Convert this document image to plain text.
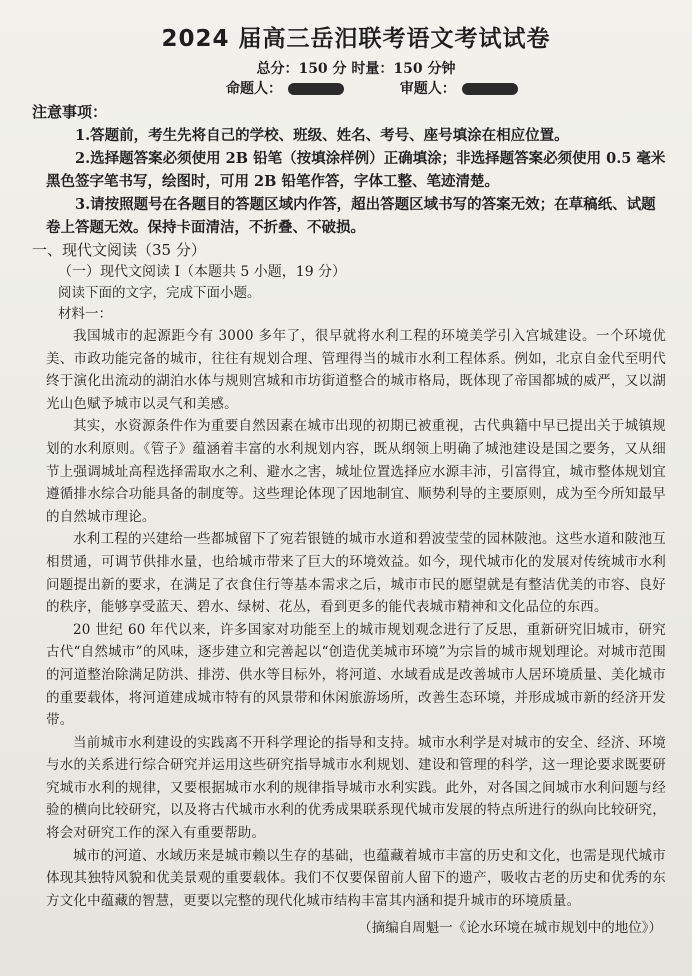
2024 届高三岳汨联考语文考试试卷
总分：150 分 时量：150 分钟
命题人：	审题人：
注意事项：

1.答题前，考生先将自己的学校、班级、姓名、考号、座号填涂在相应位置。

2.选择题答案必须使用 2B 铅笔（按填涂样例）正确填涂；非选择题答案必须使用 0.5 毫米黑色签字笔书写，绘图时，可用 2B 铅笔作答，字体工整、笔迹清楚。

3.请按照题号在各题目的答题区域内作答，超出答题区域书写的答案无效；在草稿纸、试题卷上答题无效。保持卡面清洁，不折叠、不破损。

一、现代文阅读（35 分）
（一）现代文阅读 I（本题共 5 小题，19 分）
阅读下面的文字，完成下面小题。
材料一：

我国城市的起源距今有 3000 多年了，很早就将水利工程的环境美学引入宫城建设。一个环境优美、市政功能完备的城市，往往有规划合理、管理得当的城市水利工程体系。例如，北京自金代至明代终于演化出流动的湖泊水体与规则宫城和市坊街道整合的城市格局，既体现了帝国都城的威严，又以湖光山色赋予城市以灵气和美感。

其实，水资源条件作为重要自然因素在城市出现的初期已被重视，古代典籍中早已提出关于城镇规划的水利原则。《管子》蕴涵着丰富的水利规划内容，既从纲领上明确了城池建设是国之要务，又从细节上强调城址高程选择需取水之利、避水之害，城址位置选择应水源丰沛，引富得宜，城市整体规划宜遵循排水综合功能具备的制度等。这些理论体现了因地制宜、顺势利导的主要原则，成为至今所知最早的自然城市理论。

水利工程的兴建给一些都城留下了宛若银链的城市水道和碧波莹莹的园林陂池。这些水道和陂池互相贯通，可调节供排水量，也给城市带来了巨大的环境效益。如今，现代城市化的发展对传统城市水利问题提出新的要求，在满足了衣食住行等基本需求之后，城市市民的愿望就是有整洁优美的市容、良好的秩序，能够享受蓝天、碧水、绿树、花丛，看到更多的能代表城市精神和文化品位的东西。

20 世纪 60 年代以来，许多国家对功能至上的城市规划观念进行了反思，重新研究旧城市，研究古代“自然城市”的风味，逐步建立和完善起以“创造优美城市环境”为宗旨的城市规划理论。对城市范围的河道整治除满足防洪、排涝、供水等目标外，将河道、水域看成是改善城市人居环境质量、美化城市的重要载体，将河道建成城市特有的风景带和休闲旅游场所，改善生态环境，并形成城市新的经济开发带。

当前城市水利建设的实践离不开科学理论的指导和支持。城市水利学是对城市的安全、经济、环境与水的关系进行综合研究并运用这些研究指导城市水利规划、建设和管理的科学，这一理论要求既要研究城市水利的规律，又要根据城市水利的规律指导城市水利实践。此外，对各国之间城市水利问题与经验的横向比较研究，以及将古代城市水利的优秀成果联系现代城市发展的特点所进行的纵向比较研究，将会对研究工作的深入有重要帮助。

城市的河道、水域历来是城市赖以生存的基础，也蕴藏着城市丰富的历史和文化，也需是现代城市体现其独特风貌和优美景观的重要载体。我们不仅要保留前人留下的遗产，吸收古老的历史和优秀的东方文化中蕴藏的智慧，更要以完整的现代化城市结构丰富其内涵和提升城市的环境质量。

（摘编自周魁一《论水环境在城市规划中的地位》）
